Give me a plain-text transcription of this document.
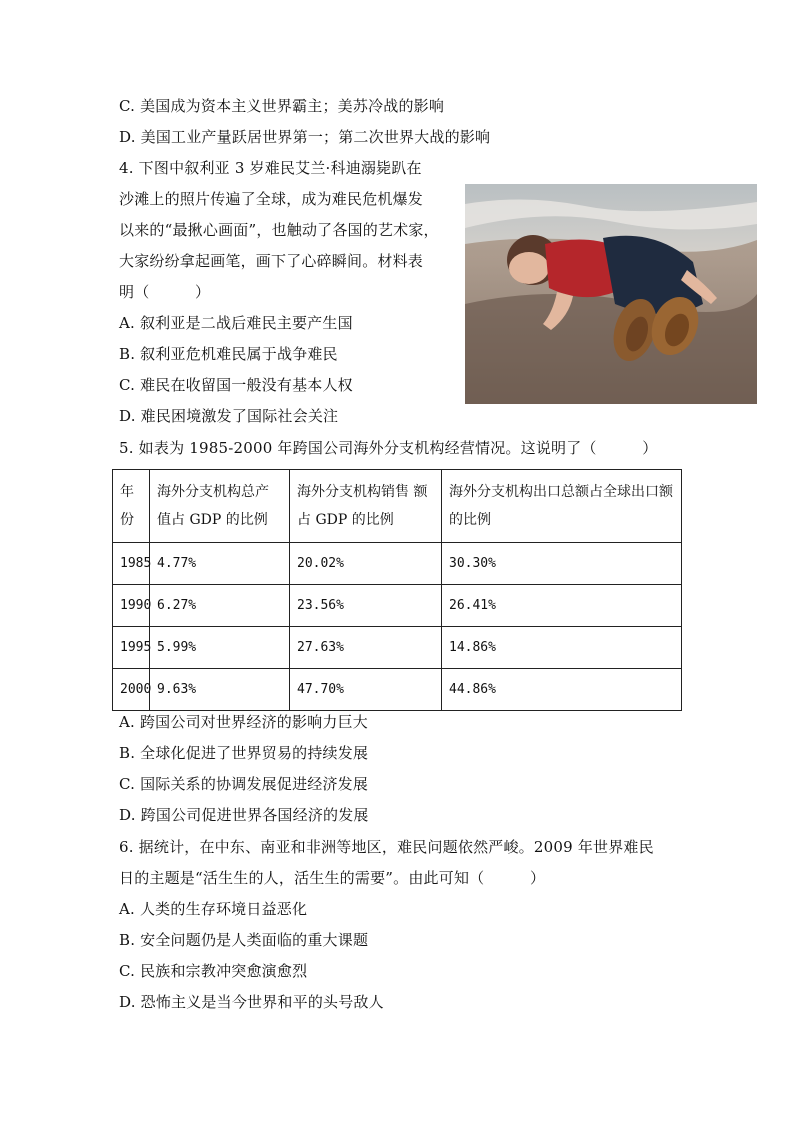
C. 美国成为资本主义世界霸主；美苏冷战的影响
D. 美国工业产量跃居世界第一；第二次世界大战的影响
4. 下图中叙利亚 3 岁难民艾兰·科迪溺毙趴在
沙滩上的照片传遍了全球，成为难民危机爆发
以来的“最揪心画面”，也触动了各国的艺术家，
大家纷纷拿起画笔，画下了心碎瞬间。材料表
明（　　　）
A. 叙利亚是二战后难民主要产生国
B. 叙利亚危机难民属于战争难民
C. 难民在收留国一般没有基本人权
D. 难民困境激发了国际社会关注
5. 如表为 1985-2000 年跨国公司海外分支机构经营情况。这说明了（　　　）
年份	海外分支机构总产值占 GDP 的比例	海外分支机构销售 额占 GDP 的比例	海外分支机构出口总额占全球出口额的比例
1985	4.77%	20.02%	30.30%
1990	6.27%	23.56%	26.41%
1995	5.99%	27.63%	14.86%
2000	9.63%	47.70%	44.86%
A. 跨国公司对世界经济的影响力巨大
B. 全球化促进了世界贸易的持续发展
C. 国际关系的协调发展促进经济发展
D. 跨国公司促进世界各国经济的发展
6. 据统计，在中东、南亚和非洲等地区，难民问题依然严峻。2009 年世界难民
日的主题是“活生生的人，活生生的需要”。由此可知（　　　）
A. 人类的生存环境日益恶化
B. 安全问题仍是人类面临的重大课题
C. 民族和宗教冲突愈演愈烈
D. 恐怖主义是当今世界和平的头号敌人
